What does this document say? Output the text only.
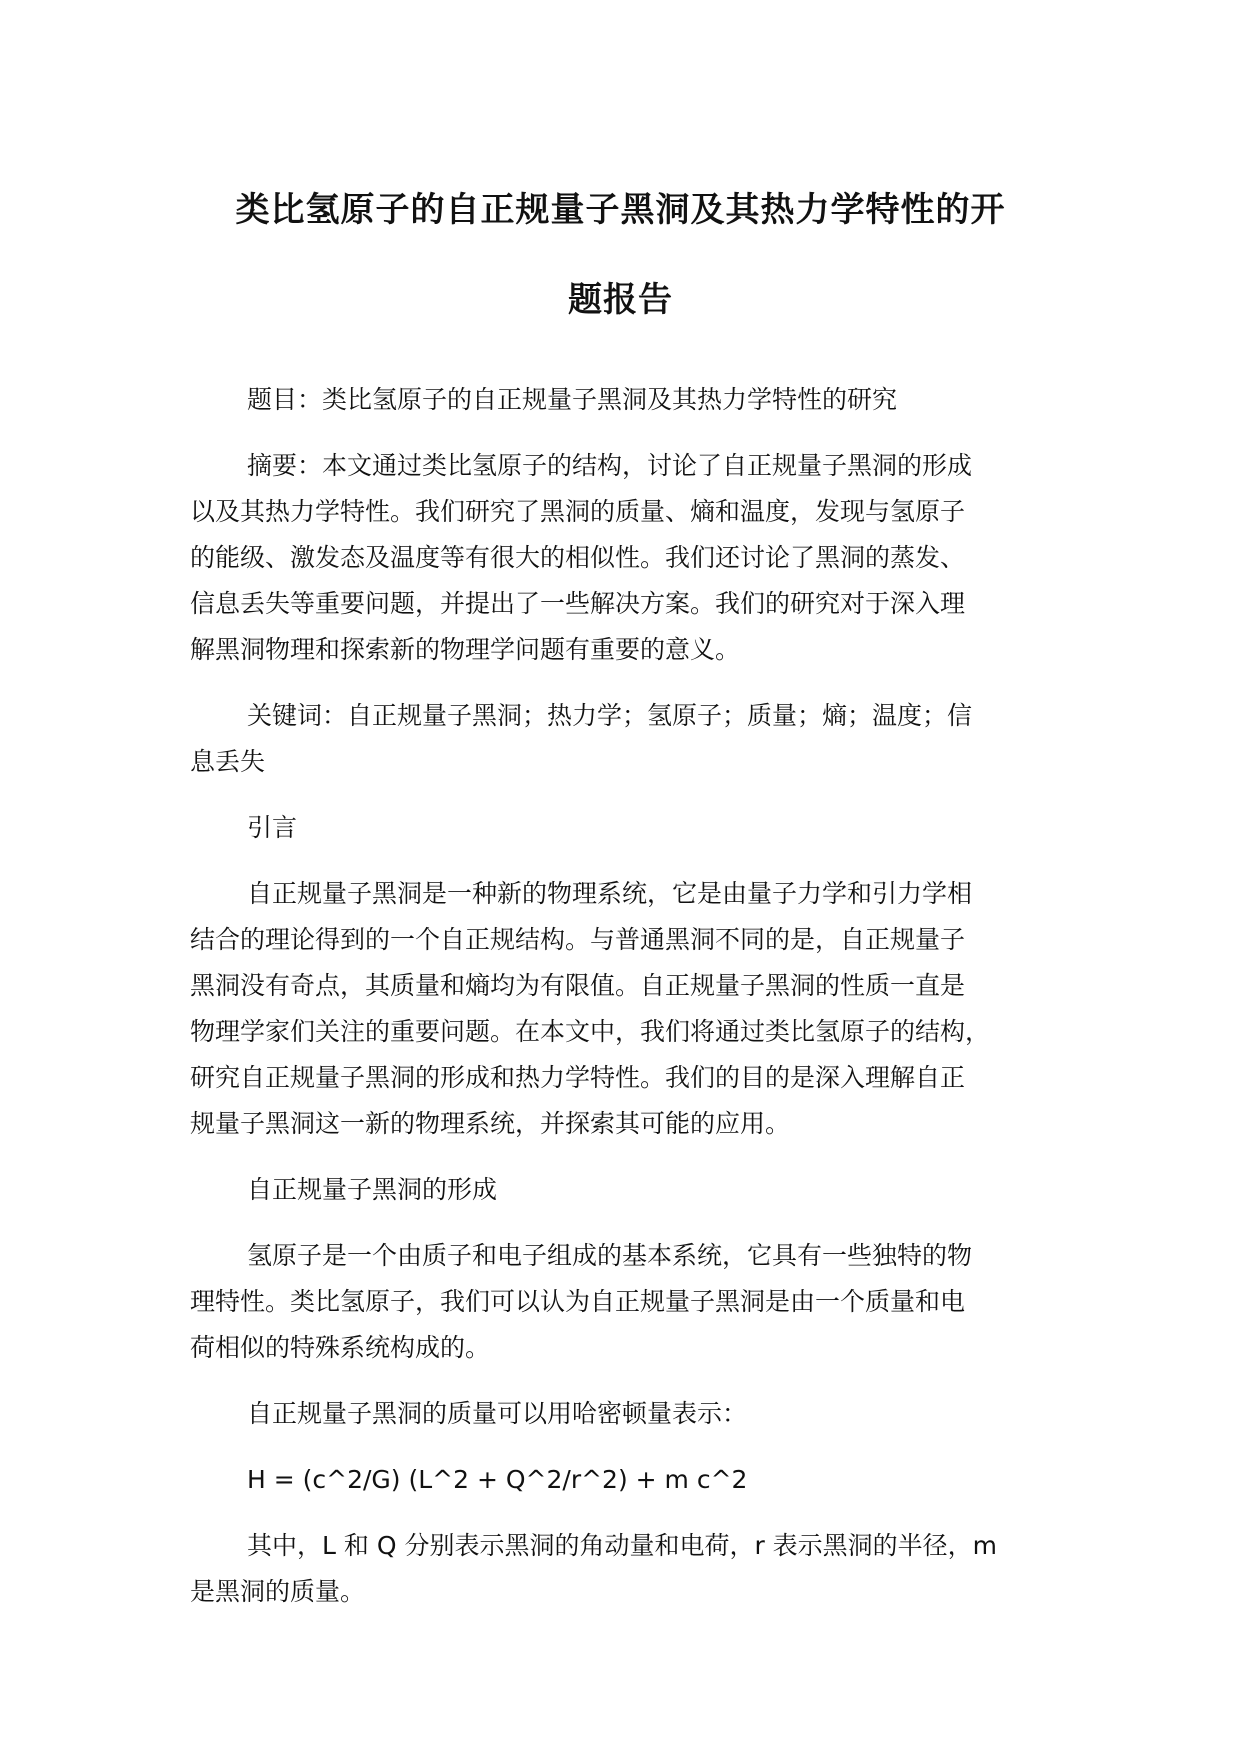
类比氢原子的自正规量子黑洞及其热力学特性的开
题报告

题目：类比氢原子的自正规量子黑洞及其热力学特性的研究

摘要：本文通过类比氢原子的结构，讨论了自正规量子黑洞的形成
以及其热力学特性。我们研究了黑洞的质量、熵和温度，发现与氢原子
的能级、激发态及温度等有很大的相似性。我们还讨论了黑洞的蒸发、
信息丢失等重要问题，并提出了一些解决方案。我们的研究对于深入理
解黑洞物理和探索新的物理学问题有重要的意义。

关键词：自正规量子黑洞；热力学；氢原子；质量；熵；温度；信
息丢失

引言

自正规量子黑洞是一种新的物理系统，它是由量子力学和引力学相
结合的理论得到的一个自正规结构。与普通黑洞不同的是，自正规量子
黑洞没有奇点，其质量和熵均为有限值。自正规量子黑洞的性质一直是
物理学家们关注的重要问题。在本文中，我们将通过类比氢原子的结构，
研究自正规量子黑洞的形成和热力学特性。我们的目的是深入理解自正
规量子黑洞这一新的物理系统，并探索其可能的应用。

自正规量子黑洞的形成

氢原子是一个由质子和电子组成的基本系统，它具有一些独特的物
理特性。类比氢原子，我们可以认为自正规量子黑洞是由一个质量和电
荷相似的特殊系统构成的。

自正规量子黑洞的质量可以用哈密顿量表示：

H = (c^2/G) (L^2 + Q^2/r^2) + m c^2

其中，L 和 Q 分别表示黑洞的角动量和电荷，r 表示黑洞的半径，m
是黑洞的质量。
